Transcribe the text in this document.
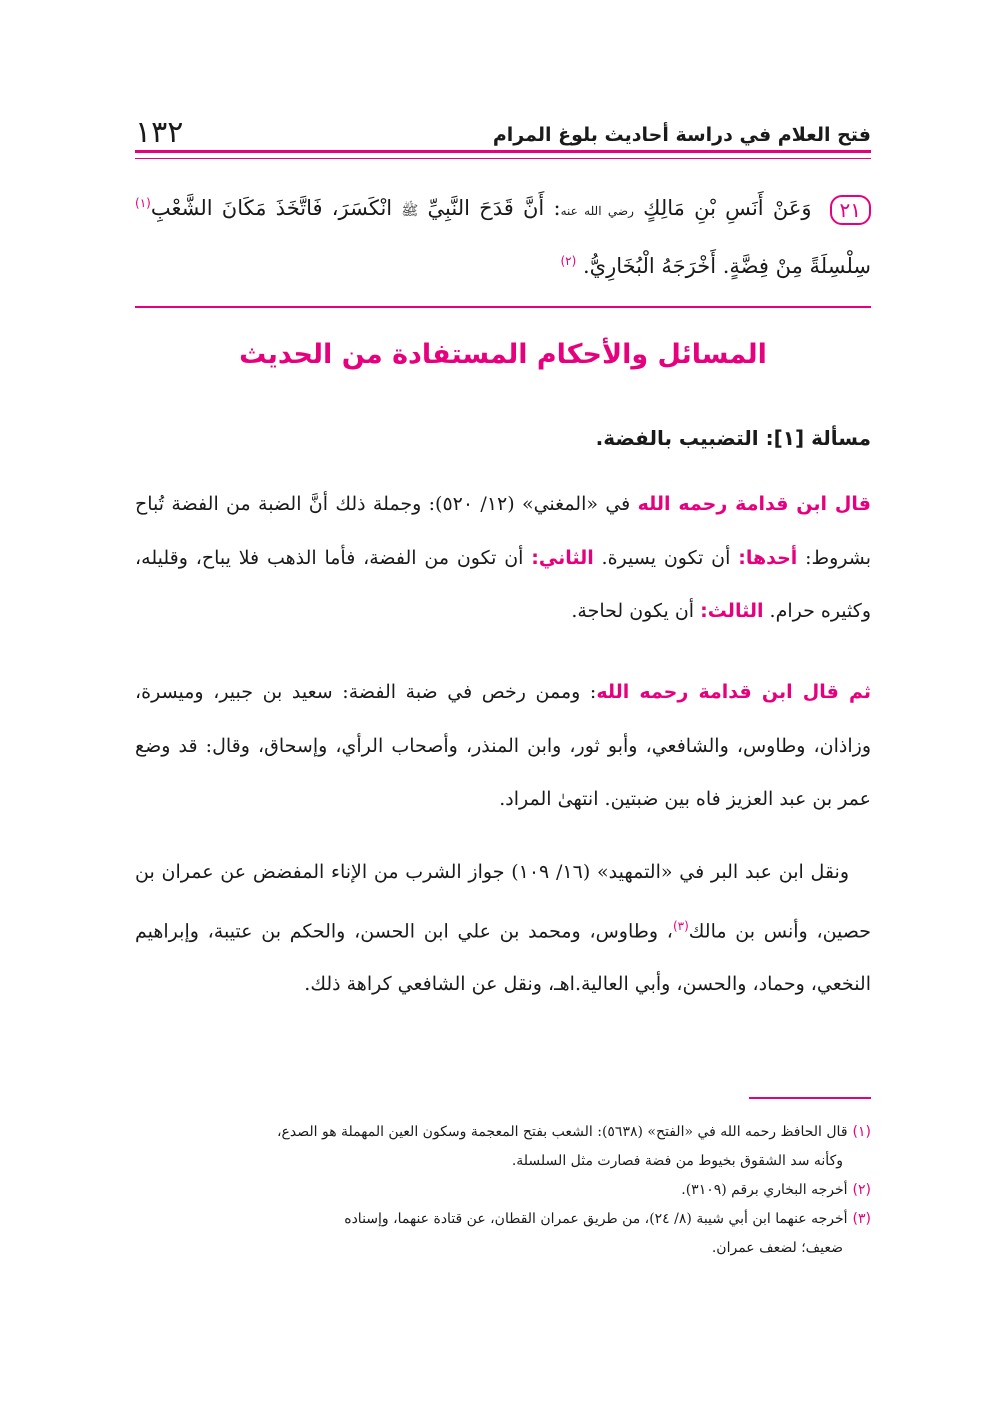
فتح العلام في دراسة أحاديث بلوغ المرام
١٣٢
٢١وَعَنْ أَنَسِ بْنِ مَالِكٍ رضي الله عنه: أَنَّ قَدَحَ النَّبِيِّ ﷺ انْكَسَرَ، فَاتَّخَذَ مَكَانَ الشَّعْبِ$^{(١)}$ سِلْسِلَةً مِنْ فِضَّةٍ. أَخْرَجَهُ الْبُخَارِيُّ. $^{(٢)}$
المسائل والأحكام المستفادة من الحديث
مسألة [١]: التضبيب بالفضة.
قال ابن قدامة رحمه الله في «المغني» (١٢/ ٥٢٠): وجملة ذلك أنَّ الضبة من الفضة تُباح بشروط: أحدها: أن تكون يسيرة. الثاني: أن تكون من الفضة، فأما الذهب فلا يباح، وقليله، وكثيره حرام. الثالث: أن يكون لحاجة.
ثم قال ابن قدامة رحمه الله: وممن رخص في ضبة الفضة: سعيد بن جبير، وميسرة، وزاذان، وطاوس، والشافعي، وأبو ثور، وابن المنذر، وأصحاب الرأي، وإسحاق، وقال: قد وضع عمر بن عبد العزيز فاه بين ضبتين. انتهىٰ المراد.
ونقل ابن عبد البر في «التمهيد» (١٦/ ١٠٩) جواز الشرب من الإناء المفضض عن عمران بن حصين، وأنس بن مالك$^{(٣)}$، وطاوس، ومحمد بن علي ابن الحسن، والحكم بن عتيبة، وإبراهيم النخعي، وحماد، والحسن، وأبي العالية.اهـ، ونقل عن الشافعي كراهة ذلك.

(١)قال الحافظ رحمه الله في «الفتح» (٥٦٣٨): الشعب بفتح المعجمة وسكون العين المهملة هو الصدع،

وكأنه سد الشقوق بخيوط من فضة فصارت مثل السلسلة.

(٢)أخرجه البخاري برقم (٣١٠٩).

(٣)أخرجه عنهما ابن أبي شيبة (٨/ ٢٤)، من طريق عمران القطان، عن قتادة عنهما، وإسناده

ضعيف؛ لضعف عمران.
